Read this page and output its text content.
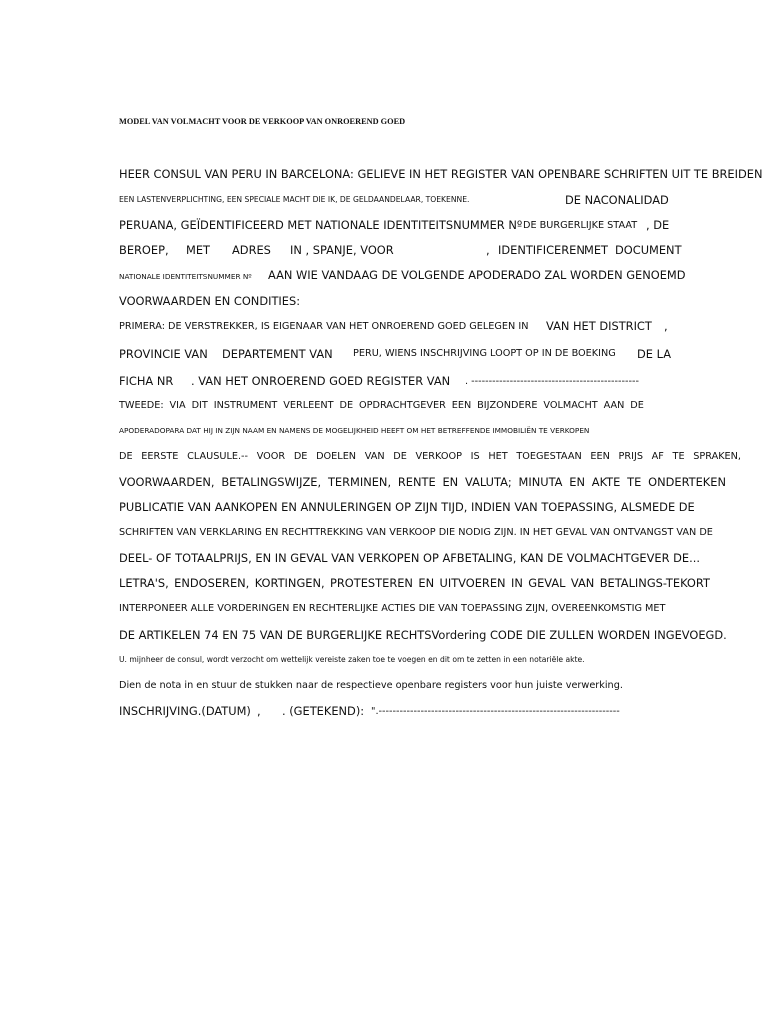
MODEL VAN VOLMACHT VOOR DE VERKOOP VAN ONROEREND GOED
HEER CONSUL VAN PERU IN BARCELONA: GELIEVE IN HET REGISTER VAN OPENBARE SCHRIFTEN UIT TE BREIDEN
EEN LASTENVERPLICHTING, EEN SPECIALE MACHT DIE IK, DE GELDAANDELAAR, TOEKENNE.	DE NACONALIDAD
PERUANA, GEÏDENTIFICEERD MET NATIONALE IDENTITEITSNUMMER Nº DE BURGERLIJKE STAAT , DE
BEROEP, MET ADRES IN , SPANJE, VOOR	, IDENTIFICEREN MET DOCUMENT
NATIONALE IDENTITEITSNUMMER Nº AAN WIE VANDAAG DE VOLGENDE APODERADO ZAL WORDEN GENOEMD
VOORWAARDEN EN CONDITIES:
PRIMERA: DE VERSTREKKER, IS EIGENAAR VAN HET ONROEREND GOED GELEGEN IN VAN HET DISTRICT ,
PROVINCIE VAN DEPARTEMENT VAN PERU, WIENS INSCHRIJVING LOOPT OP IN DE BOEKING DE LA
FICHA NR . VAN HET ONROEREND GOED REGISTER VAN . ------------------------------------------------
TWEEDE: VIA DIT INSTRUMENT VERLEENT DE OPDRACHTGEVER EEN BIJZONDERE VOLMACHT AAN DE
APODERADOPARA DAT HIJ IN ZIJN NAAM EN NAMENS DE MOGELIJKHEID HEEFT OM HET BETREFFENDE IMMOBILIËN TE VERKOPEN
DE EERSTE CLAUSULE.-- VOOR DE DOELEN VAN DE VERKOOP IS HET TOEGESTAAN EEN PRIJS AF TE SPRAKEN,
VOORWAARDEN, BETALINGSWIJZE, TERMINEN, RENTE EN VALUTA; MINUTA EN AKTE TE ONDERTEKEN
PUBLICATIE VAN AANKOPEN EN ANNULERINGEN OP ZIJN TIJD, INDIEN VAN TOEPASSING, ALSMEDE DE
SCHRIFTEN VAN VERKLARING EN RECHTTREKKING VAN VERKOOP DIE NODIG ZIJN. IN HET GEVAL VAN ONTVANGST VAN DE
DEEL- OF TOTAALPRIJS, EN IN GEVAL VAN VERKOPEN OP AFBETALING, KAN DE VOLMACHTGEVER DE...
LETRA'S, ENDOSEREN, KORTINGEN, PROTESTEREN EN UITVOEREN IN GEVAL VAN BETALINGS-TEKORT
INTERPONEER ALLE VORDERINGEN EN RECHTERLIJKE ACTIES DIE VAN TOEPASSING ZIJN, OVEREENKOMSTIG MET
DE ARTIKELEN 74 EN 75 VAN DE BURGERLIJKE RECHTSVordering CODE DIE ZULLEN WORDEN INGEVOEGD.
U. mijnheer de consul, wordt verzocht om wettelijk vereiste zaken toe te voegen en dit om te zetten in een notariële akte.
Dien de nota in en stuur de stukken naar de respectieve openbare registers voor hun juiste verwerking.
INSCHRIJVING.(DATUM) , . (GETEKEND): ".---------------------------------------------------------------------
